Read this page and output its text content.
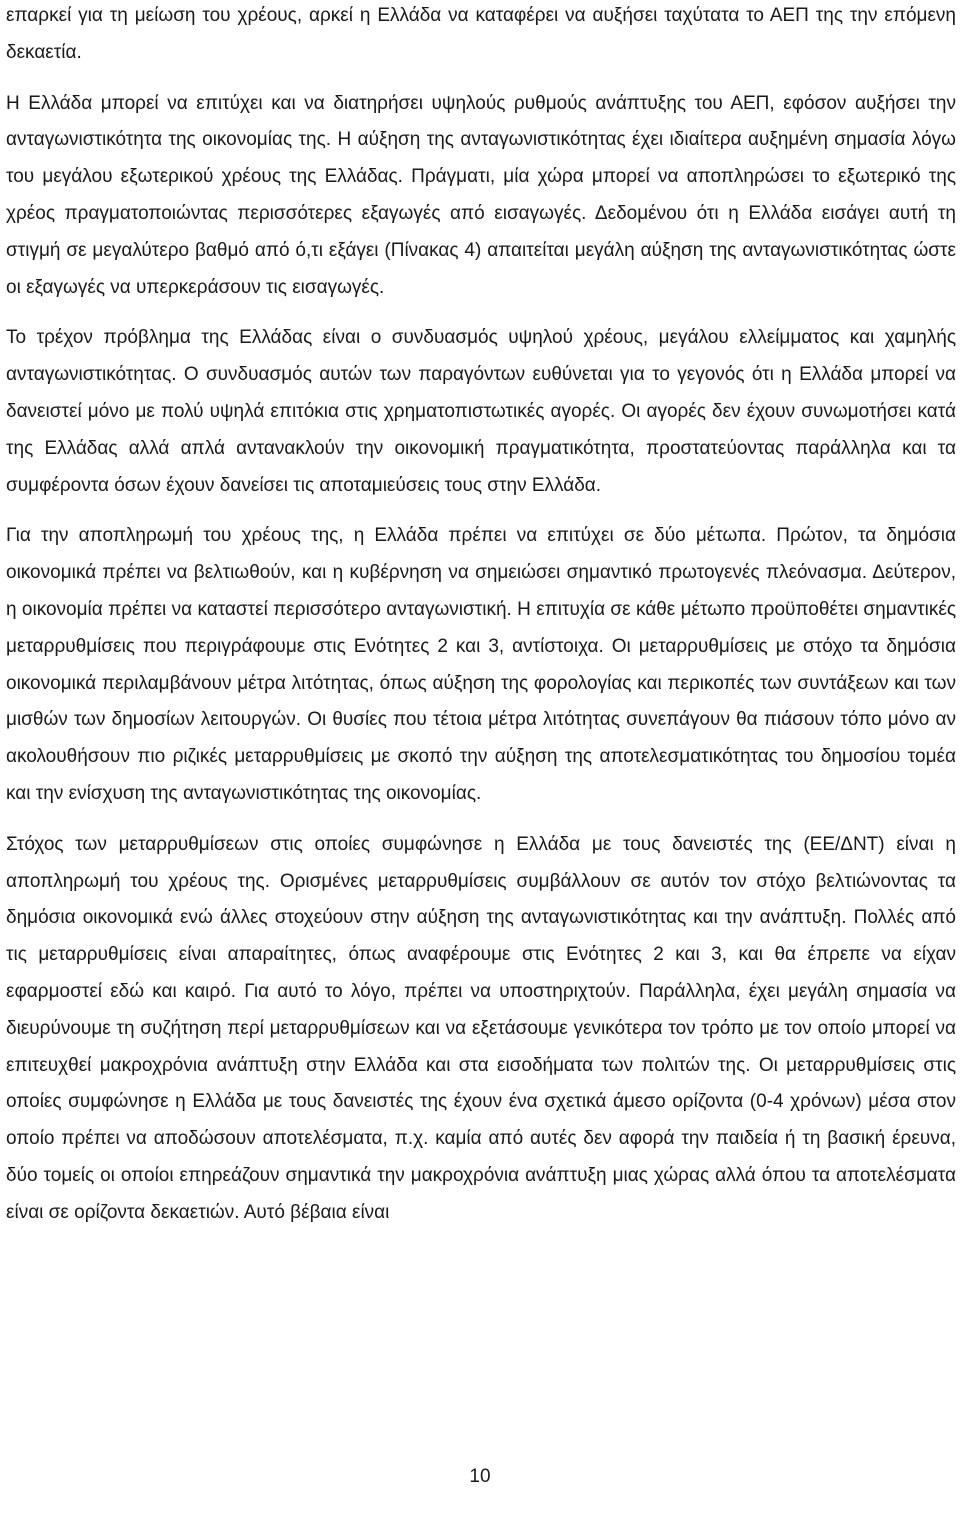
επαρκεί για τη μείωση του χρέους, αρκεί η Ελλάδα να καταφέρει να αυξήσει ταχύτατα το ΑΕΠ της την επόμενη δεκαετία.

Η Ελλάδα μπορεί να επιτύχει και να διατηρήσει υψηλούς ρυθμούς ανάπτυξης του ΑΕΠ, εφόσον αυξήσει την ανταγωνιστικότητα της οικονομίας της. Η αύξηση της ανταγωνιστικότητας έχει ιδιαίτερα αυξημένη σημασία λόγω του μεγάλου εξωτερικού χρέους της Ελλάδας. Πράγματι, μία χώρα μπορεί να αποπληρώσει το εξωτερικό της χρέος πραγματοποιώντας περισσότερες εξαγωγές από εισαγωγές. Δεδομένου ότι η Ελλάδα εισάγει αυτή τη στιγμή σε μεγαλύτερο βαθμό από ό,τι εξάγει (Πίνακας 4) απαιτείται μεγάλη αύξηση της ανταγωνιστικότητας ώστε οι εξαγωγές να υπερκεράσουν τις εισαγωγές.

Το τρέχον πρόβλημα της Ελλάδας είναι ο συνδυασμός υψηλού χρέους, μεγάλου ελλείμματος και χαμηλής ανταγωνιστικότητας. Ο συνδυασμός αυτών των παραγόντων ευθύνεται για το γεγονός ότι η Ελλάδα μπορεί να δανειστεί μόνο με πολύ υψηλά επιτόκια στις χρηματοπιστωτικές αγορές. Οι αγορές δεν έχουν συνωμοτήσει κατά της Ελλάδας αλλά απλά αντανακλούν την οικονομική πραγματικότητα, προστατεύοντας παράλληλα και τα συμφέροντα όσων έχουν δανείσει τις αποταμιεύσεις τους στην Ελλάδα.

Για την αποπληρωμή του χρέους της, η Ελλάδα πρέπει να επιτύχει σε δύο μέτωπα. Πρώτον, τα δημόσια οικονομικά πρέπει να βελτιωθούν, και η κυβέρνηση να σημειώσει σημαντικό πρωτογενές πλεόνασμα. Δεύτερον, η οικονομία πρέπει να καταστεί περισσότερο ανταγωνιστική. Η επιτυχία σε κάθε μέτωπο προϋποθέτει σημαντικές μεταρρυθμίσεις που περιγράφουμε στις Ενότητες 2 και 3, αντίστοιχα. Οι μεταρρυθμίσεις με στόχο τα δημόσια οικονομικά περιλαμβάνουν μέτρα λιτότητας, όπως αύξηση της φορολογίας και περικοπές των συντάξεων και των μισθών των δημοσίων λειτουργών. Οι θυσίες που τέτοια μέτρα λιτότητας συνεπάγουν θα πιάσουν τόπο μόνο αν ακολουθήσουν πιο ριζικές μεταρρυθμίσεις με σκοπό την αύξηση της αποτελεσματικότητας του δημοσίου τομέα και την ενίσχυση της ανταγωνιστικότητας της οικονομίας.

Στόχος των μεταρρυθμίσεων στις οποίες συμφώνησε η Ελλάδα με τους δανειστές της (ΕΕ/ΔΝΤ) είναι η αποπληρωμή του χρέους της. Ορισμένες μεταρρυθμίσεις συμβάλλουν σε αυτόν τον στόχο βελτιώνοντας τα δημόσια οικονομικά ενώ άλλες στοχεύουν στην αύξηση της ανταγωνιστικότητας και την ανάπτυξη. Πολλές από τις μεταρρυθμίσεις είναι απαραίτητες, όπως αναφέρουμε στις Ενότητες 2 και 3, και θα έπρεπε να είχαν εφαρμοστεί εδώ και καιρό. Για αυτό το λόγο, πρέπει να υποστηριχτούν. Παράλληλα, έχει μεγάλη σημασία να διευρύνουμε τη συζήτηση περί μεταρρυθμίσεων και να εξετάσουμε γενικότερα τον τρόπο με τον οποίο μπορεί να επιτευχθεί μακροχρόνια ανάπτυξη στην Ελλάδα και στα εισοδήματα των πολιτών της. Οι μεταρρυθμίσεις στις οποίες συμφώνησε η Ελλάδα με τους δανειστές της έχουν ένα σχετικά άμεσο ορίζοντα (0-4 χρόνων) μέσα στον οποίο πρέπει να αποδώσουν αποτελέσματα, π.χ. καμία από αυτές δεν αφορά την παιδεία ή τη βασική έρευνα, δύο τομείς οι οποίοι επηρεάζουν σημαντικά την μακροχρόνια ανάπτυξη μιας χώρας αλλά όπου τα αποτελέσματα είναι σε ορίζοντα δεκαετιών. Αυτό βέβαια είναι

10
